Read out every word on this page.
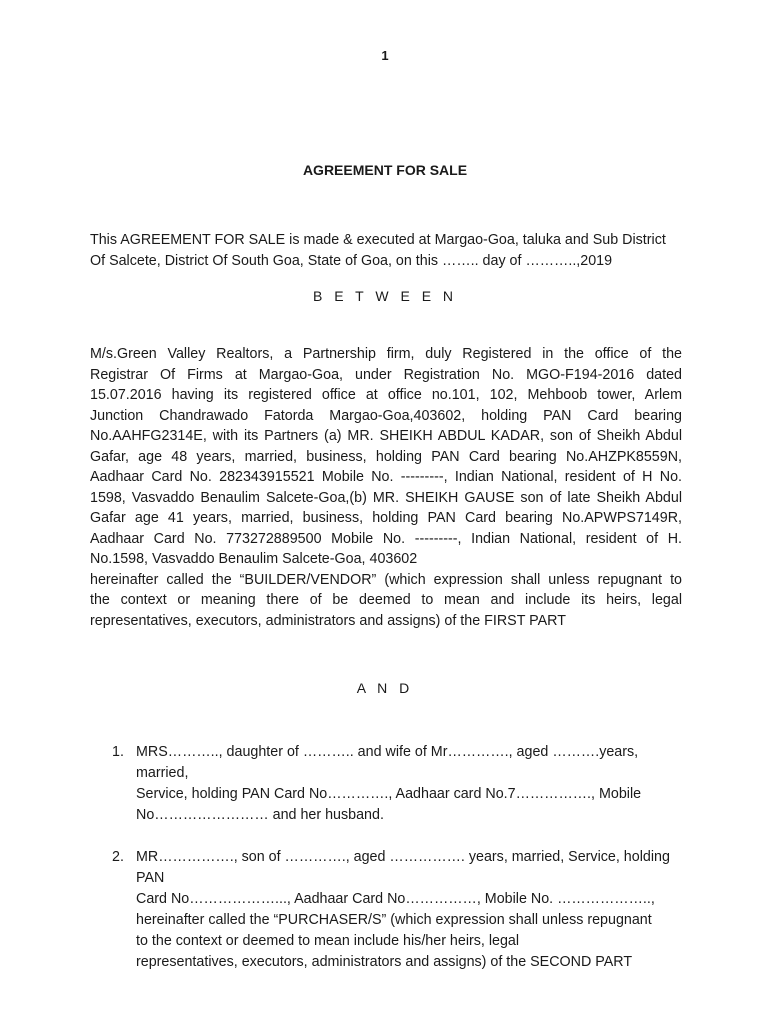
1
AGREEMENT FOR SALE

This AGREEMENT FOR SALE is made & executed at Margao-Goa, taluka and Sub District Of Salcete, District Of South Goa, State of Goa, on this …….. day of ………..,2019

B E T W E E N

M/s.Green Valley Realtors, a Partnership firm, duly Registered in the office of the
Registrar Of Firms at Margao-Goa, under Registration No. MGO-F194-2016 dated
15.07.2016 having its registered office at office no.101, 102, Mehboob tower, Arlem
Junction Chandrawado Fatorda Margao-Goa,403602, holding PAN Card bearing
No.AAHFG2314E, with its Partners (a) MR. SHEIKH ABDUL KADAR, son of Sheikh Abdul
Gafar, age 48 years, married, business, holding PAN Card bearing No.AHZPK8559N,
Aadhaar Card No. 282343915521 Mobile No. ---------, Indian National, resident of H No.
1598, Vasvaddo Benaulim Salcete-Goa,(b) MR. SHEIKH GAUSE son of late Sheikh Abdul
Gafar age 41 years, married, business, holding PAN Card bearing No.APWPS7149R,
Aadhaar Card No. 773272889500 Mobile No. ---------, Indian National, resident of H.
No.1598, Vasvaddo Benaulim Salcete-Goa, 403602
hereinafter called the “BUILDER/VENDOR” (which expression shall unless repugnant to
the context or meaning there of be deemed to mean and include its heirs, legal
representatives, executors, administrators and assigns) of the FIRST PART

A N D
1. MRS……….., daughter of ……….. and wife of Mr…………., aged ……….years, married,
Service, holding PAN Card No…………., Aadhaar card No.7……………., Mobile
No…………………… and her husband.
2. MR……………., son of …………., aged ……………. years, married, Service, holding PAN
Card No………………..., Aadhaar Card No……………, Mobile No. ………………..,
hereinafter called the “PURCHASER/S” (which expression shall unless repugnant
to the context or deemed to mean include his/her heirs, legal
representatives, executors, administrators and assigns) of the SECOND PART
